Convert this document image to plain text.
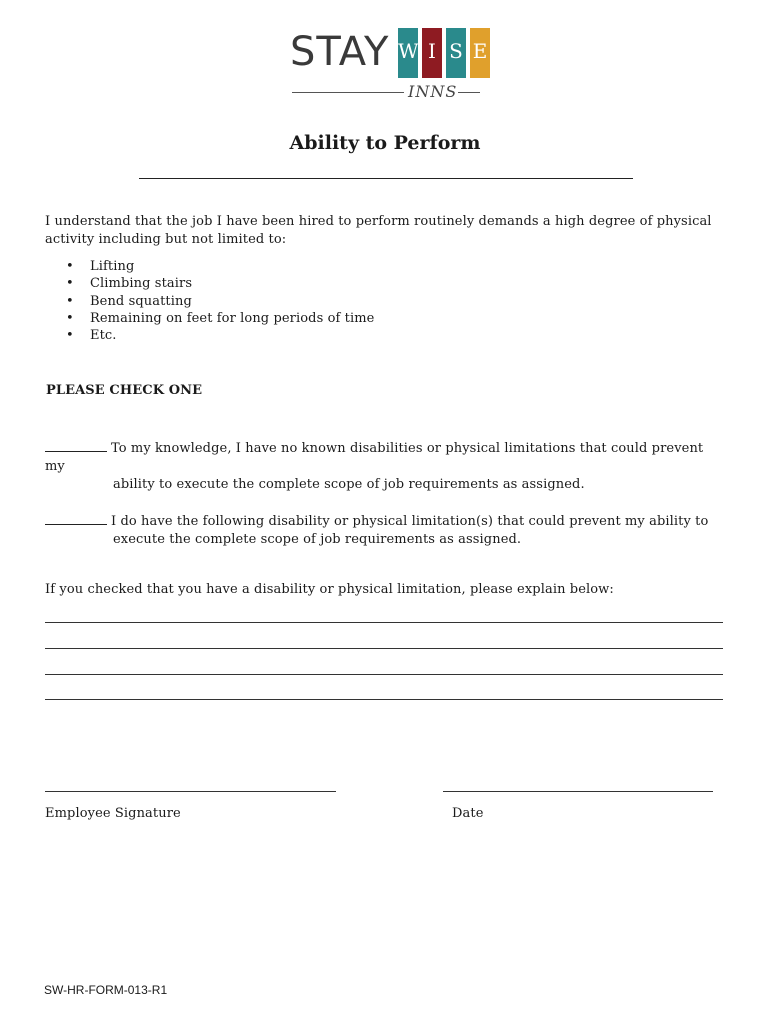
STAY W I S E
INNS
Ability to Perform
I understand that the job I have been hired to perform routinely demands a high degree of physical activity including but not limited to:
• Lifting
• Climbing stairs
• Bend squatting
• Remaining on feet for long periods of time
• Etc.
PLEASE CHECK ONE
To my knowledge, I have no known disabilities or physical limitations that could prevent my
ability to execute the complete scope of job requirements as assigned.
I do have the following disability or physical limitation(s) that could prevent my ability to
execute the complete scope of job requirements as assigned.
If you checked that you have a disability or physical limitation, please explain below:
Employee Signature	Date
SW-HR-FORM-013-R1
